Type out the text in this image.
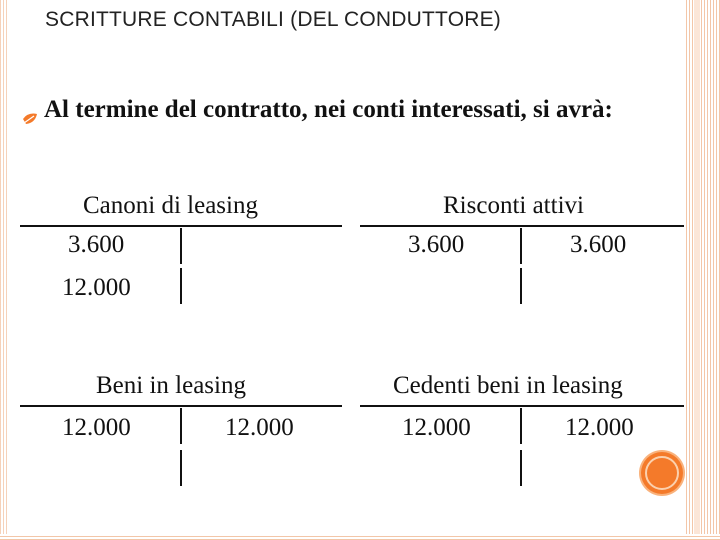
SCRITTURE CONTABILI (DEL CONDUTTORE)
Al termine del contratto, nei conti interessati, si avrà:
Canoni di leasing
3.600
12.000
Risconti attivi
3.600	3.600
Beni in leasing
12.000	12.000
Cedenti beni in leasing
12.000	12.000
